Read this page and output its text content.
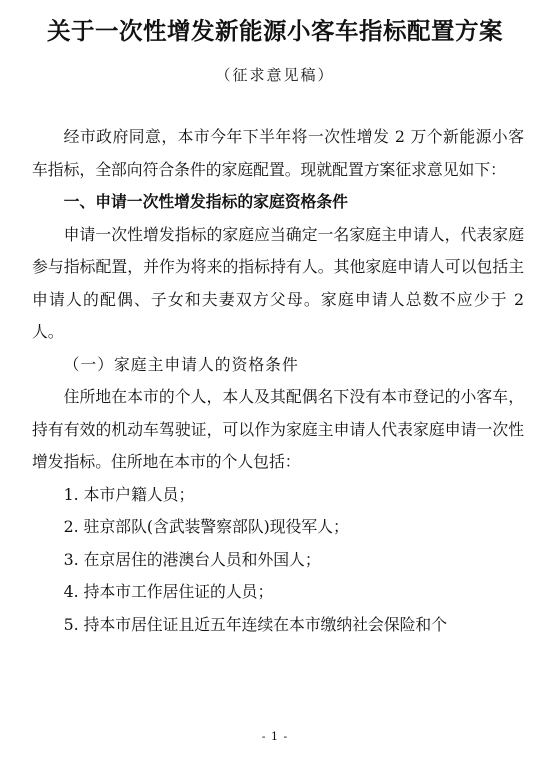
关于一次性增发新能源小客车指标配置方案
（征求意见稿）

经市政府同意，本市今年下半年将一次性增发 2 万个新能源小客车指标，全部向符合条件的家庭配置。现就配置方案征求意见如下：

一、申请一次性增发指标的家庭资格条件

申请一次性增发指标的家庭应当确定一名家庭主申请人，代表家庭参与指标配置，并作为将来的指标持有人。其他家庭申请人可以包括主申请人的配偶、子女和夫妻双方父母。家庭申请人总数不应少于 2 人。

（一）家庭主申请人的资格条件

住所地在本市的个人，本人及其配偶名下没有本市登记的小客车，持有有效的机动车驾驶证，可以作为家庭主申请人代表家庭申请一次性增发指标。住所地在本市的个人包括：

1. 本市户籍人员；

2. 驻京部队(含武装警察部队)现役军人；

3. 在京居住的港澳台人员和外国人；

4. 持本市工作居住证的人员；

5. 持本市居住证且近五年连续在本市缴纳社会保险和个

- 1 -
